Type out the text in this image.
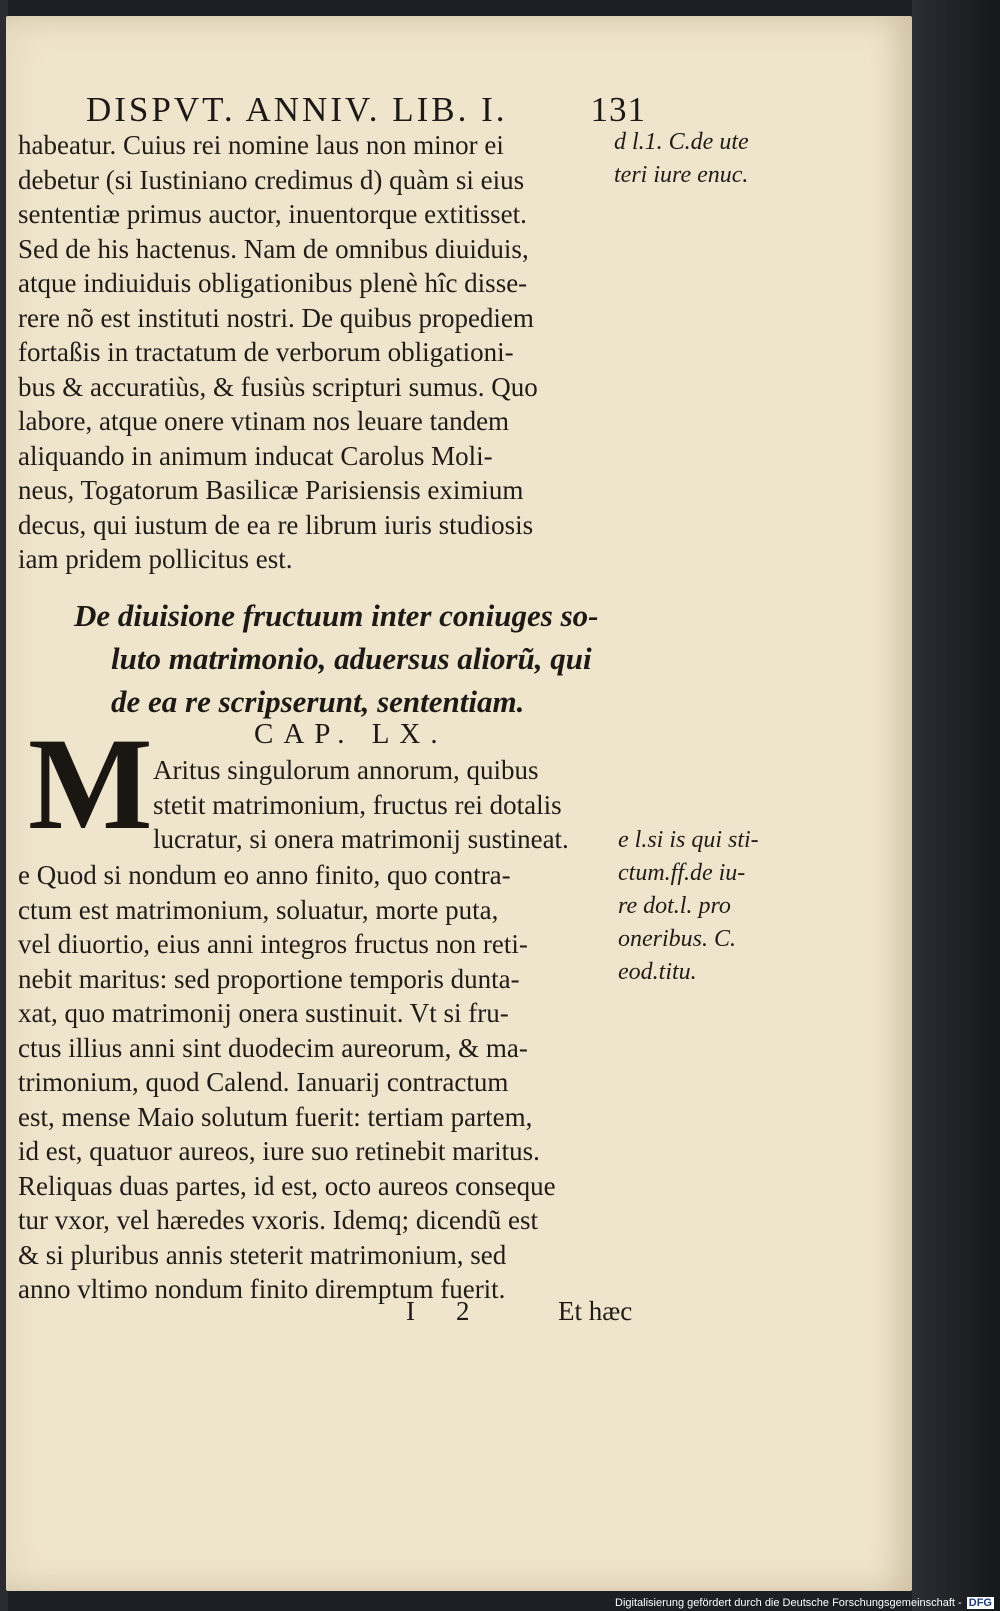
DISPVT. ANNIV. LIB. I. 131
habeatur. Cuius rei nomine laus non minor ei
debetur (si Iustiniano credimus d) quàm si eius
sententiæ primus auctor, inuentorque extitisset.
Sed de his hactenus. Nam de omnibus diuiduis,
atque indiuiduis obligationibus plenè hîc disse-
rere nõ est instituti nostri. De quibus propediem
fortaßis in tractatum de verborum obligationi-
bus & accuratiùs, & fusiùs scripturi sumus. Quo
labore, atque onere vtinam nos leuare tandem
aliquando in animum inducat Carolus Moli-
neus, Togatorum Basilicæ Parisiensis eximium
decus, qui iustum de ea re librum iuris studiosis
iam pridem pollicitus est.
d l.1. C.de ute
teri iure enuc.
De diuisione fructuum inter coniuges so-
luto matrimonio, aduersus aliorũ, qui
de ea re scripserunt, sententiam.
CAP. LX.
M Aritus singulorum annorum, quibus
stetit matrimonium, fructus rei dotalis
lucratur, si onera matrimonij sustineat.
e Quod si nondum eo anno finito, quo contra-
ctum est matrimonium, soluatur, morte puta,
vel diuortio, eius anni integros fructus non reti-
nebit maritus: sed proportione temporis dunta-
xat, quo matrimonij onera sustinuit. Vt si fru-
ctus illius anni sint duodecim aureorum, & ma-
trimonium, quod Calend. Ianuarij contractum
est, mense Maio solutum fuerit: tertiam partem,
id est, quatuor aureos, iure suo retinebit maritus.
Reliquas duas partes, id est, octo aureos conseque
tur vxor, vel hæredes vxoris. Idemq; dicendũ est
& si pluribus annis steterit matrimonium, sed
anno vltimo nondum finito diremptum fuerit.
e l.si is qui sti-
ctum.ff.de iu-
re dot.l. pro
oneribus. C.
eod.titu.
I 2	Et hæc
Digitalisierung gefördert durch die Deutsche Forschungsgemeinschaft - DFG
